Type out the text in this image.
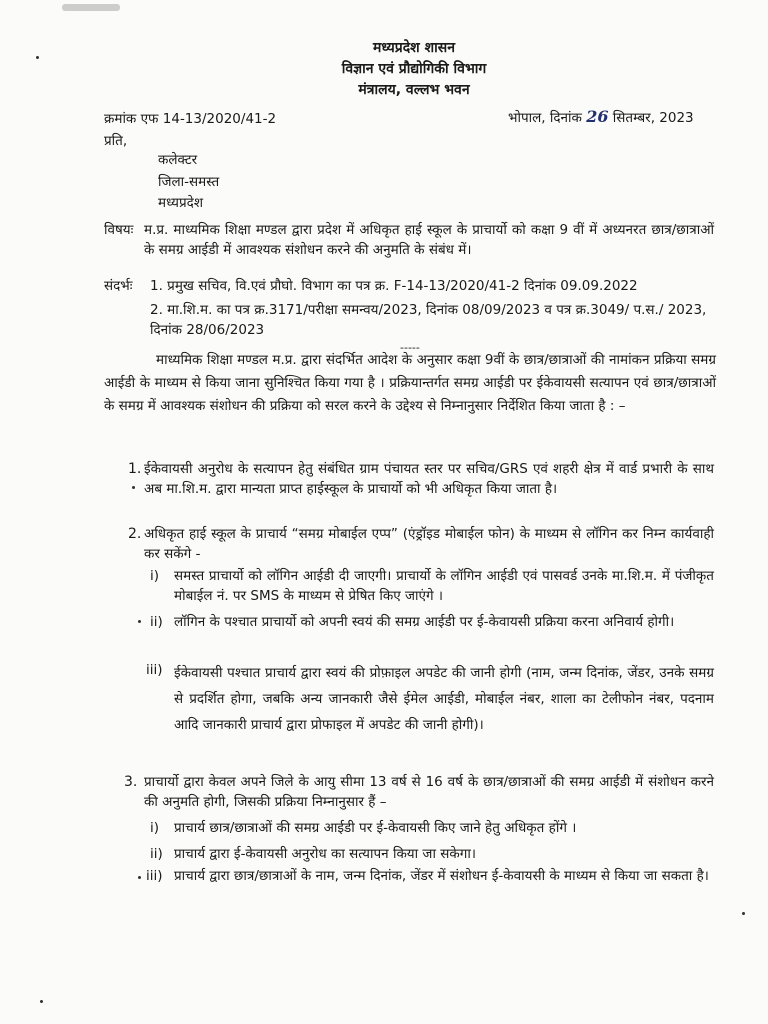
मध्यप्रदेश शासन
विज्ञान एवं प्रौद्योगिकी विभाग
मंत्रालय, वल्लभ भवन
क्रमांक एफ 14-13/2020/41-2	भोपाल, दिनांक 26 सितम्बर, 2023
प्रति,
कलेक्टर
जिला-समस्त
मध्यप्रदेश
विषयः म.प्र. माध्यमिक शिक्षा मण्डल द्वारा प्रदेश में अधिकृत हाई स्कूल के प्राचार्यो को कक्षा 9 वीं में अध्यनरत छात्र/छात्राओं के समग्र आईडी में आवश्यक संशोधन करने की अनुमति के संबंध में।
संदर्भः 1. प्रमुख सचिव, वि.एवं प्रौघो. विभाग का पत्र क्र. F-14-13/2020/41-2 दिनांक 09.09.2022
2. मा.शि.म. का पत्र क्र.3171/परीक्षा समन्वय/2023, दिनांक 08/09/2023 व पत्र क्र.3049/ प.स./ 2023, दिनांक 28/06/2023
-----
माध्यमिक शिक्षा मण्डल म.प्र. द्वारा संदर्भित आदेश के अनुसार कक्षा 9वीं के छात्र/छात्राओं की नामांकन प्रक्रिया समग्र आईडी के माध्यम से किया जाना सुनिश्चित किया गया है । प्रक्रियान्तर्गत समग्र आईडी पर ईकेवायसी सत्यापन एवं छात्र/छात्राओं के समग्र में आवश्यक संशोधन की प्रक्रिया को सरल करने के उद्देश्य से निम्नानुसार निर्देशित किया जाता है : –
1. ईकेवायसी अनुरोध के सत्यापन हेतु संबंधित ग्राम पंचायत स्तर पर सचिव/GRS एवं शहरी क्षेत्र में वार्ड प्रभारी के साथ अब मा.शि.म. द्वारा मान्यता प्राप्त हाईस्कूल के प्राचार्यो को भी अधिकृत किया जाता है।
2. अधिकृत हाई स्कूल के प्राचार्य “समग्र मोबाईल एप्प” (एंड्रॉइड मोबाईल फोन) के माध्यम से लॉगिन कर निम्न कार्यवाही कर सकेंगे -
i) समस्त प्राचार्यो को लॉगिन आईडी दी जाएगी। प्राचार्यो के लॉगिन आईडी एवं पासवर्ड उनके मा.शि.म. में पंजीकृत मोबाईल नं. पर SMS के माध्यम से प्रेषित किए जाएंगे ।
ii) लॉगिन के पश्चात प्राचार्यो को अपनी स्वयं की समग्र आईडी पर ई-केवायसी प्रक्रिया करना अनिवार्य होगी।
iii) ईकेवायसी पश्चात प्राचार्य द्वारा स्वयं की प्रोफ़ाइल अपडेट की जानी होगी (नाम, जन्म दिनांक, जेंडर, उनके समग्र से प्रदर्शित होगा, जबकि अन्य जानकारी जैसे ईमेल आईडी, मोबाईल नंबर, शाला का टेलीफोन नंबर, पदनाम आदि जानकारी प्राचार्य द्वारा प्रोफाइल में अपडेट की जानी होगी)।
3. प्राचार्यो द्वारा केवल अपने जिले के आयु सीमा 13 वर्ष से 16 वर्ष के छात्र/छात्राओं की समग्र आईडी में संशोधन करने की अनुमति होगी, जिसकी प्रक्रिया निम्नानुसार हैं –
i) प्राचार्य छात्र/छात्राओं की समग्र आईडी पर ई-केवायसी किए जाने हेतु अधिकृत होंगे ।
ii) प्राचार्य द्वारा ई-केवायसी अनुरोध का सत्यापन किया जा सकेगा।
iii) प्राचार्य द्वारा छात्र/छात्राओं के नाम, जन्म दिनांक, जेंडर में संशोधन ई-केवायसी के माध्यम से किया जा सकता है।
